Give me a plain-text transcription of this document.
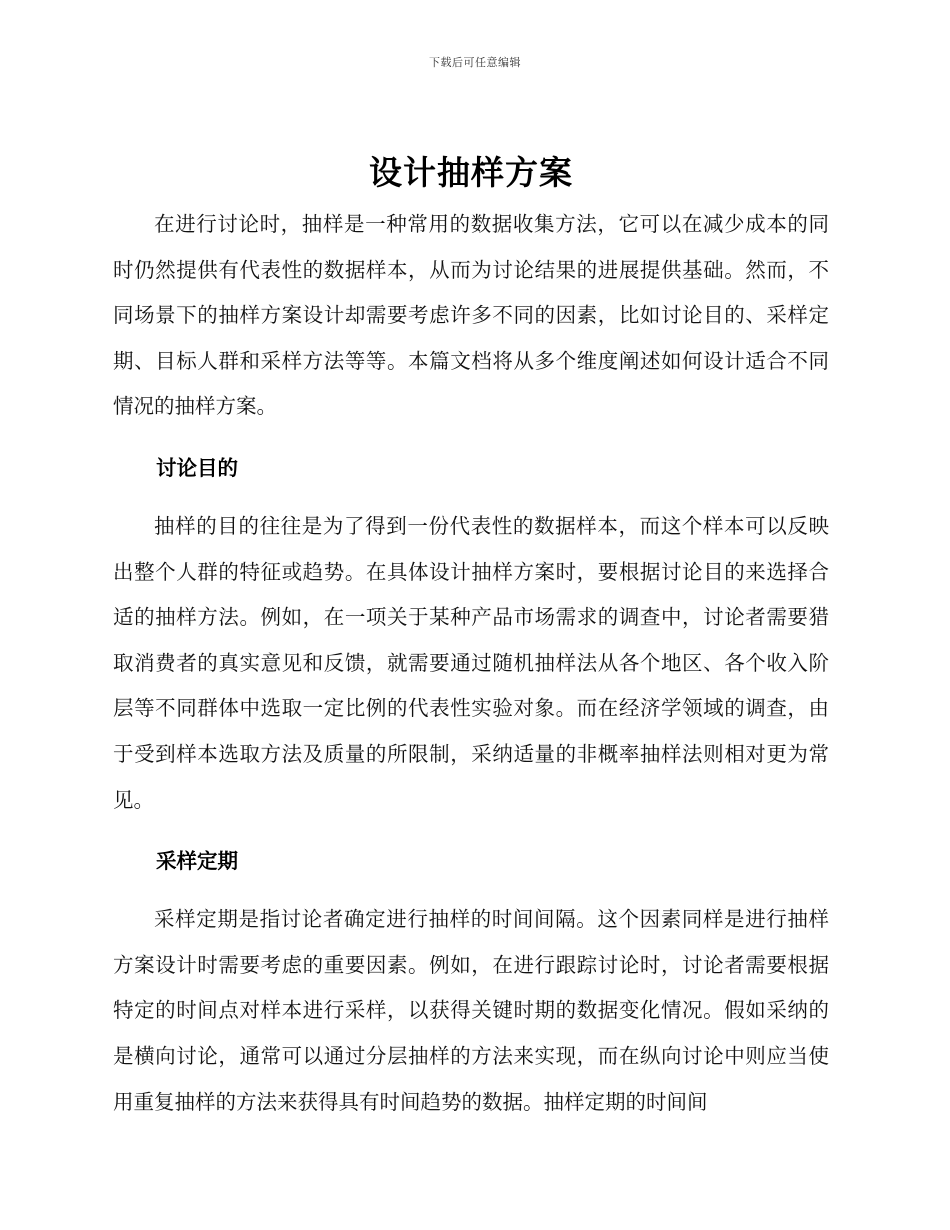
下载后可任意编辑
设计抽样方案

在进行讨论时，抽样是一种常用的数据收集方法，它可以在减少成本的同时仍然提供有代表性的数据样本，从而为讨论结果的进展提供基础。然而，不同场景下的抽样方案设计却需要考虑许多不同的因素，比如讨论目的、采样定期、目标人群和采样方法等等。本篇文档将从多个维度阐述如何设计适合不同情况的抽样方案。

讨论目的

抽样的目的往往是为了得到一份代表性的数据样本，而这个样本可以反映出整个人群的特征或趋势。在具体设计抽样方案时，要根据讨论目的来选择合适的抽样方法。例如，在一项关于某种产品市场需求的调查中，讨论者需要猎取消费者的真实意见和反馈，就需要通过随机抽样法从各个地区、各个收入阶层等不同群体中选取一定比例的代表性实验对象。而在经济学领域的调查，由于受到样本选取方法及质量的所限制，采纳适量的非概率抽样法则相对更为常见。

采样定期

采样定期是指讨论者确定进行抽样的时间间隔。这个因素同样是进行抽样方案设计时需要考虑的重要因素。例如，在进行跟踪讨论时，讨论者需要根据特定的时间点对样本进行采样，以获得关键时期的数据变化情况。假如采纳的是横向讨论，通常可以通过分层抽样的方法来实现，而在纵向讨论中则应当使用重复抽样的方法来获得具有时间趋势的数据。抽样定期的时间间
